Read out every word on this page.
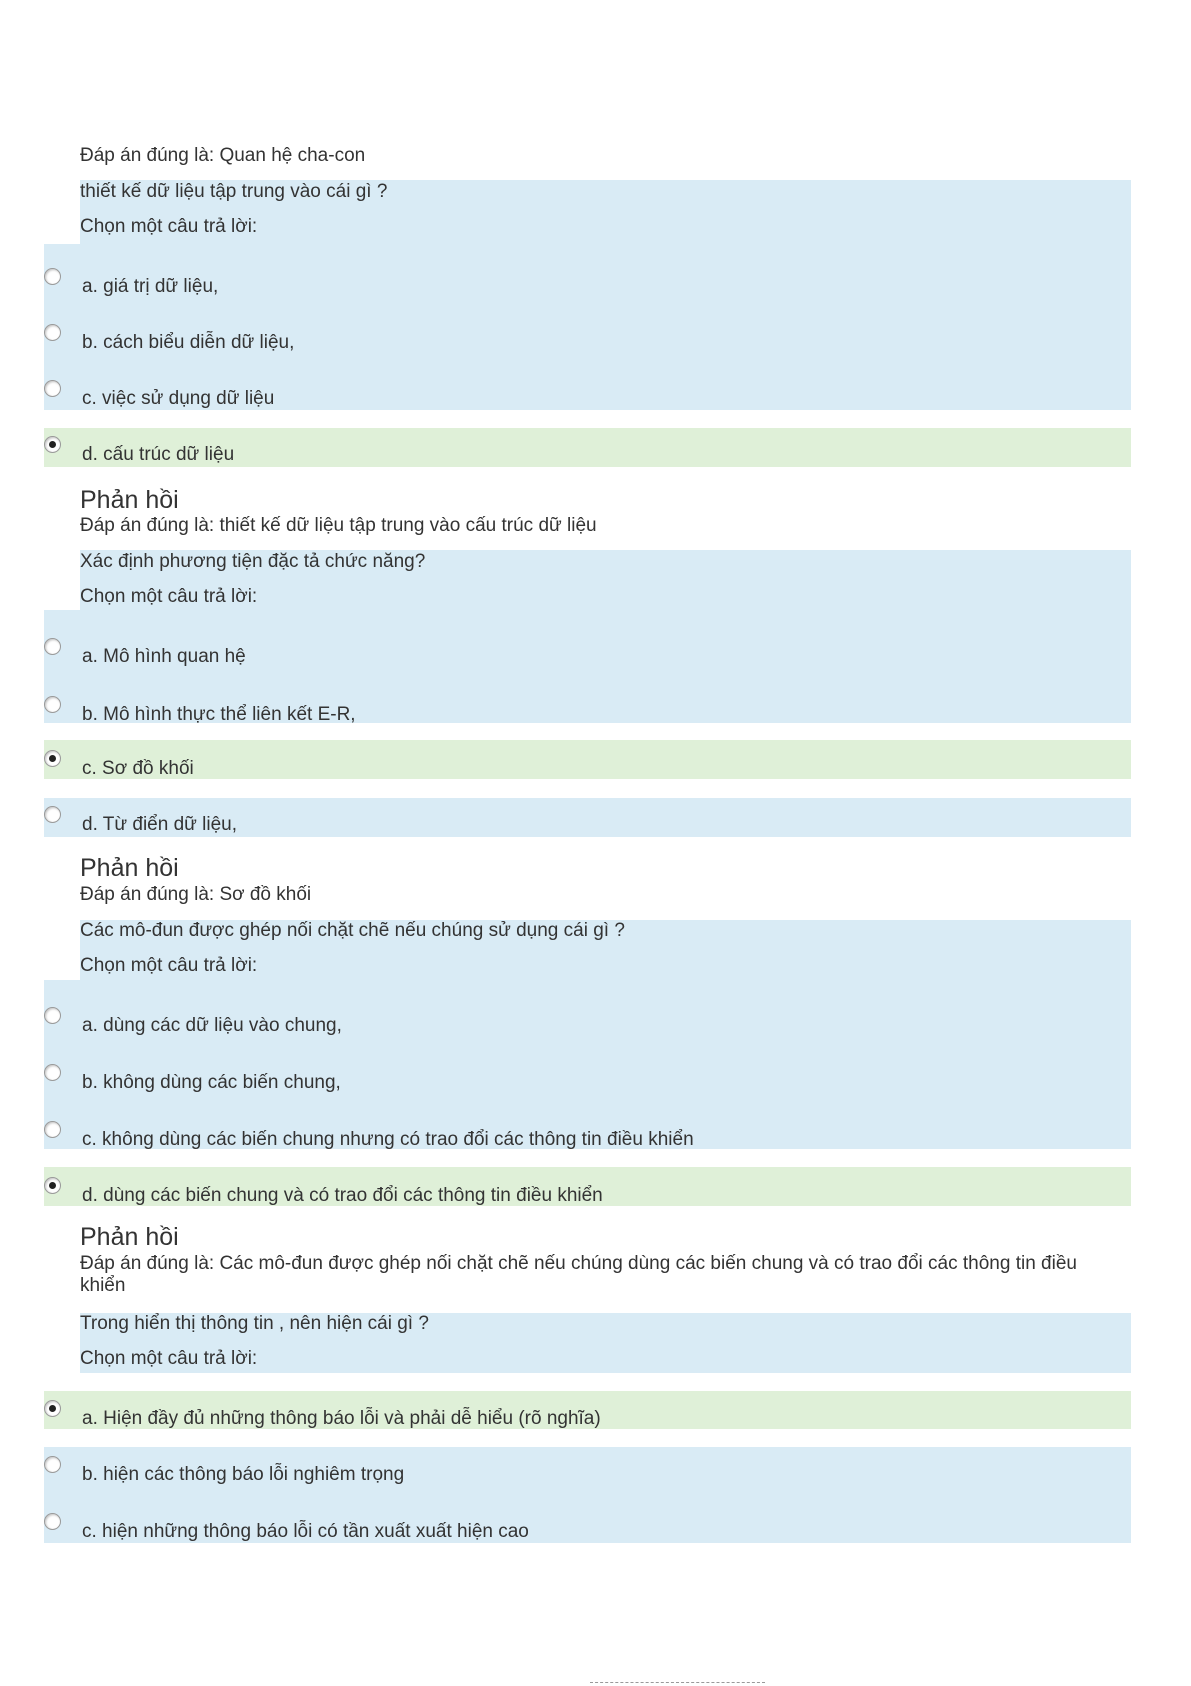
Đáp án đúng là: Quan hệ cha-con
thiết kế dữ liệu tập trung vào cái gì ?
Chọn một câu trả lời:
a. giá trị dữ liệu,
b. cách biểu diễn dữ liệu,
c. việc sử dụng dữ liệu
d. cấu trúc dữ liệu
Phản hồi
Đáp án đúng là: thiết kế dữ liệu tập trung vào cấu trúc dữ liệu
Xác định phương tiện đặc tả chức năng?
Chọn một câu trả lời:
a. Mô hình quan hệ
b. Mô hình thực thể liên kết E-R,
c. Sơ đồ khối
d. Từ điển dữ liệu,
Phản hồi
Đáp án đúng là: Sơ đồ khối
Các mô-đun được ghép nối chặt chẽ nếu chúng sử dụng cái gì ?
Chọn một câu trả lời:
a. dùng các dữ liệu vào chung,
b. không dùng các biến chung,
c. không dùng các biến chung nhưng có trao đổi các thông tin điều khiển
d. dùng các biến chung và có trao đổi các thông tin điều khiển
Phản hồi
Đáp án đúng là: Các mô-đun được ghép nối chặt chẽ nếu chúng dùng các biến chung và có trao đổi các thông tin điều khiển
Trong hiển thị thông tin , nên hiện cái gì ?
Chọn một câu trả lời:
a. Hiện đầy đủ những thông báo lỗi và phải dễ hiểu (rõ nghĩa)
b. hiện các thông báo lỗi nghiêm trọng
c. hiện những thông báo lỗi có tần xuất xuất hiện cao
